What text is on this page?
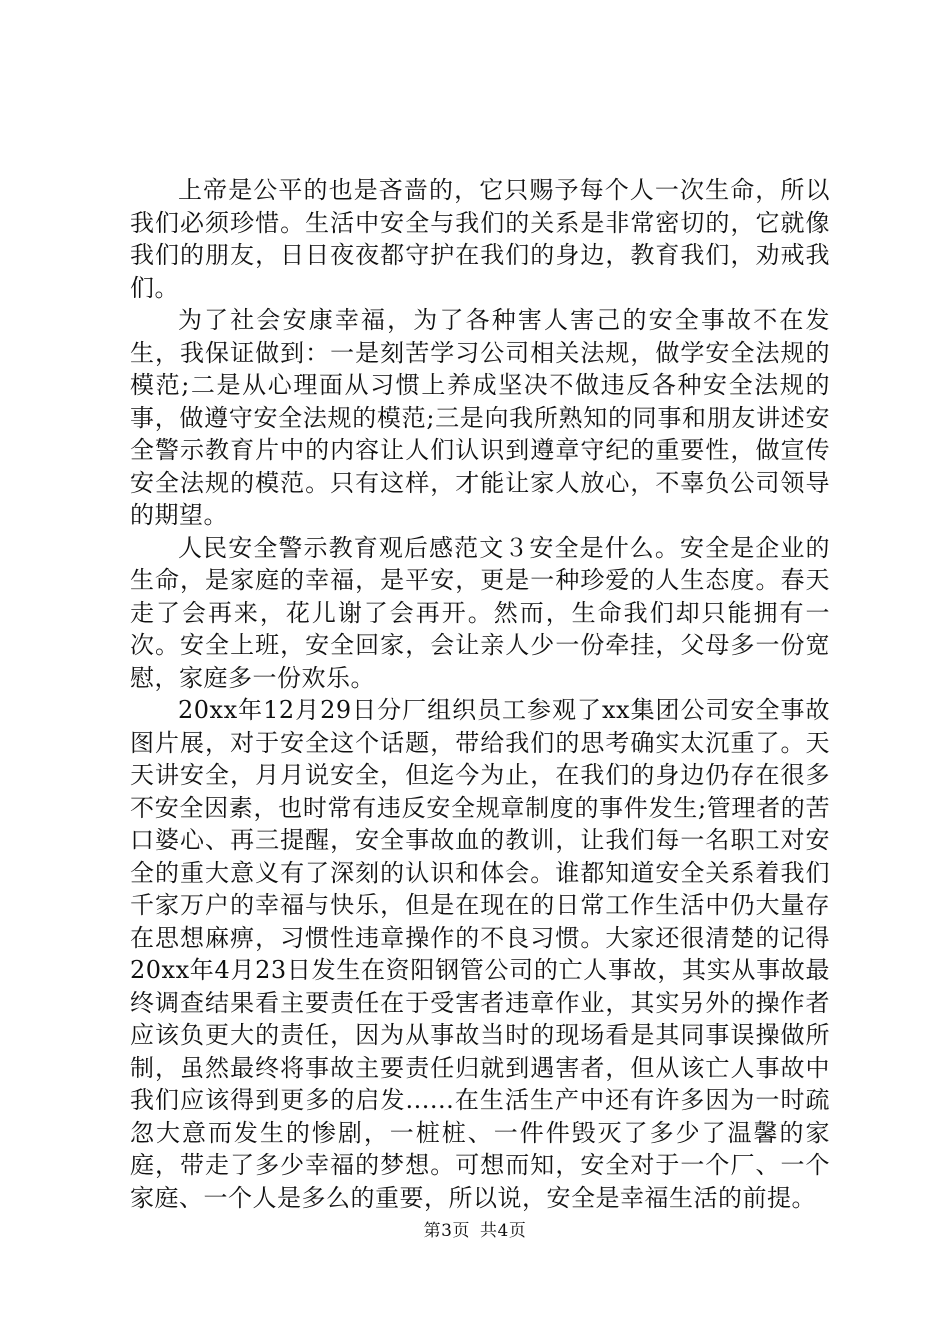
上帝是公平的也是吝啬的，它只赐予每个人一次生命，所以我们必须珍惜。生活中安全与我们的关系是非常密切的，它就像我们的朋友，日日夜夜都守护在我们的身边，教育我们，劝戒我们。

为了社会安康幸福，为了各种害人害己的安全事故不在发生，我保证做到：一是刻苦学习公司相关法规，做学安全法规的模范;二是从心理面从习惯上养成坚决不做违反各种安全法规的事，做遵守安全法规的模范;三是向我所熟知的同事和朋友讲述安全警示教育片中的内容让人们认识到遵章守纪的重要性，做宣传安全法规的模范。只有这样，才能让家人放心，不辜负公司领导的期望。

人民安全警示教育观后感范文３安全是什么。安全是企业的生命，是家庭的幸福，是平安，更是一种珍爱的人生态度。春天走了会再来，花儿谢了会再开。然而，生命我们却只能拥有一次。安全上班，安全回家，会让亲人少一份牵挂，父母多一份宽慰，家庭多一份欢乐。

20xx年12月29日分厂组织员工参观了xx集团公司安全事故图片展，对于安全这个话题，带给我们的思考确实太沉重了。天天讲安全，月月说安全，但迄今为止，在我们的身边仍存在很多不安全因素，也时常有违反安全规章制度的事件发生;管理者的苦口婆心、再三提醒，安全事故血的教训，让我们每一名职工对安全的重大意义有了深刻的认识和体会。谁都知道安全关系着我们千家万户的幸福与快乐，但是在现在的日常工作生活中仍大量存在思想麻痹，习惯性违章操作的不良习惯。大家还很清楚的记得20xx年4月23日发生在资阳钢管公司的亡人事故，其实从事故最终调查结果看主要责任在于受害者违章作业，其实另外的操作者应该负更大的责任，因为从事故当时的现场看是其同事误操做所制，虽然最终将事故主要责任归就到遇害者，但从该亡人事故中我们应该得到更多的启发......在生活生产中还有许多因为一时疏忽大意而发生的惨剧，一桩桩、一件件毁灭了多少了温馨的家庭，带走了多少幸福的梦想。可想而知，安全对于一个厂、一个家庭、一个人是多么的重要，所以说，安全是幸福生活的前提。

第3页 共4页
